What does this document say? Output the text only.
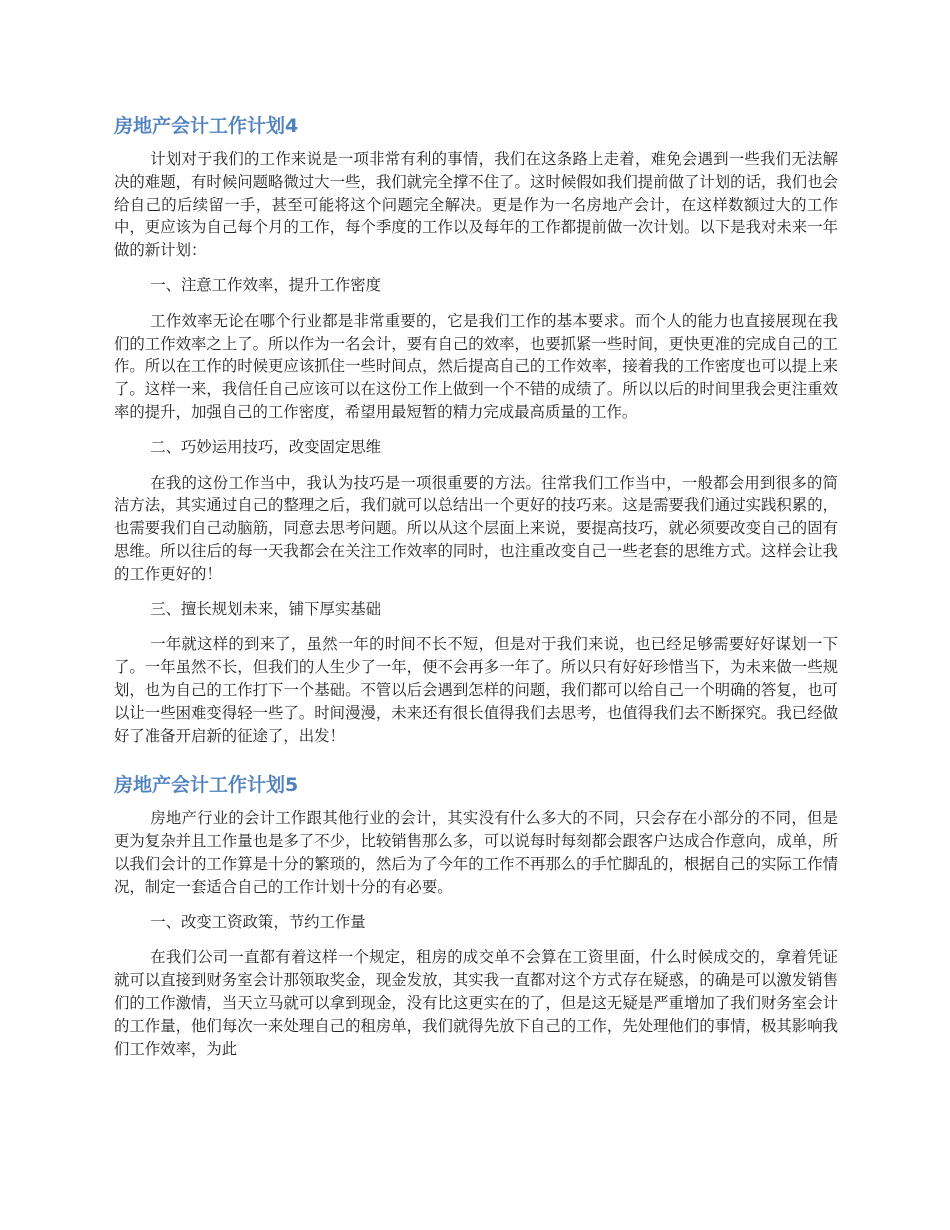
房地产会计工作计划4

计划对于我们的工作来说是一项非常有利的事情，我们在这条路上走着，难免会遇到一些我们无法解决的难题，有时候问题略微过大一些，我们就完全撑不住了。这时候假如我们提前做了计划的话，我们也会给自己的后续留一手，甚至可能将这个问题完全解决。更是作为一名房地产会计，在这样数额过大的工作中，更应该为自己每个月的工作，每个季度的工作以及每年的工作都提前做一次计划。以下是我对未来一年做的新计划：

一、注意工作效率，提升工作密度

工作效率无论在哪个行业都是非常重要的，它是我们工作的基本要求。而个人的能力也直接展现在我们的工作效率之上了。所以作为一名会计，要有自己的效率，也要抓紧一些时间，更快更准的完成自己的工作。所以在工作的时候更应该抓住一些时间点，然后提高自己的工作效率，接着我的工作密度也可以提上来了。这样一来，我信任自己应该可以在这份工作上做到一个不错的成绩了。所以以后的时间里我会更注重效率的提升，加强自己的工作密度，希望用最短暂的精力完成最高质量的工作。

二、巧妙运用技巧，改变固定思维

在我的这份工作当中，我认为技巧是一项很重要的方法。往常我们工作当中，一般都会用到很多的简洁方法，其实通过自己的整理之后，我们就可以总结出一个更好的技巧来。这是需要我们通过实践积累的，也需要我们自己动脑筋，同意去思考问题。所以从这个层面上来说，要提高技巧，就必须要改变自己的固有思维。所以往后的每一天我都会在关注工作效率的同时，也注重改变自己一些老套的思维方式。这样会让我的工作更好的！

三、擅长规划未来，铺下厚实基础

一年就这样的到来了，虽然一年的时间不长不短，但是对于我们来说，也已经足够需要好好谋划一下了。一年虽然不长，但我们的人生少了一年，便不会再多一年了。所以只有好好珍惜当下，为未来做一些规划，也为自己的工作打下一个基础。不管以后会遇到怎样的问题，我们都可以给自己一个明确的答复，也可以让一些困难变得轻一些了。时间漫漫，未来还有很长值得我们去思考，也值得我们去不断探究。我已经做好了准备开启新的征途了，出发！

房地产会计工作计划5

房地产行业的会计工作跟其他行业的会计，其实没有什么多大的不同，只会存在小部分的不同，但是更为复杂并且工作量也是多了不少，比较销售那么多，可以说每时每刻都会跟客户达成合作意向，成单，所以我们会计的工作算是十分的繁琐的，然后为了今年的工作不再那么的手忙脚乱的，根据自己的实际工作情况，制定一套适合自己的工作计划十分的有必要。

一、改变工资政策，节约工作量

在我们公司一直都有着这样一个规定，租房的成交单不会算在工资里面，什么时候成交的，拿着凭证就可以直接到财务室会计那领取奖金，现金发放，其实我一直都对这个方式存在疑惑，的确是可以激发销售们的工作激情，当天立马就可以拿到现金，没有比这更实在的了，但是这无疑是严重增加了我们财务室会计的工作量，他们每次一来处理自己的租房单，我们就得先放下自己的工作，先处理他们的事情，极其影响我们工作效率，为此
